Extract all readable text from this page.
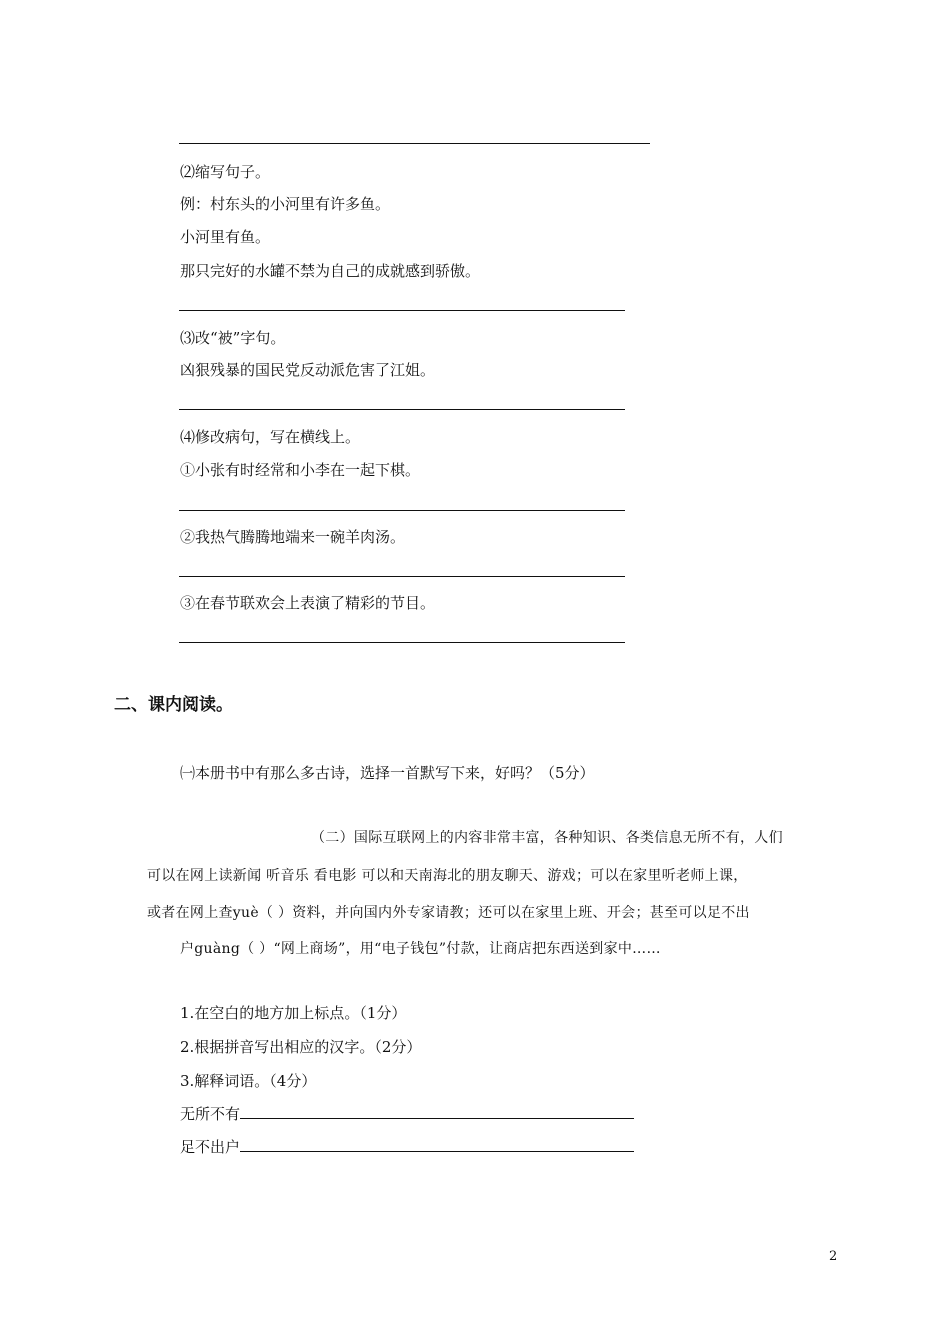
⑵缩写句子。
例：村东头的小河里有许多鱼。
小河里有鱼。
那只完好的水罐不禁为自己的成就感到骄傲。
⑶改“被”字句。
凶狠残暴的国民党反动派危害了江姐。
⑷修改病句，写在横线上。
①小张有时经常和小李在一起下棋。
②我热气腾腾地端来一碗羊肉汤。
③在春节联欢会上表演了精彩的节目。
二、课内阅读。
㈠本册书中有那么多古诗，选择一首默写下来，好吗？（5分）
（二）国际互联网上的内容非常丰富，各种知识、各类信息无所不有，人们
可以在网上读新闻 听音乐 看电影 可以和天南海北的朋友聊天、游戏；可以在家里听老师上课，
或者在网上查yuè（ ）资料，并向国内外专家请教；还可以在家里上班、开会；甚至可以足不出
户guàng（ ）“网上商场”，用“电子钱包”付款，让商店把东西送到家中……
1.在空白的地方加上标点。（1分）
2.根据拼音写出相应的汉字。（2分）
3.解释词语。（4分）
无所不有
足不出户
2
